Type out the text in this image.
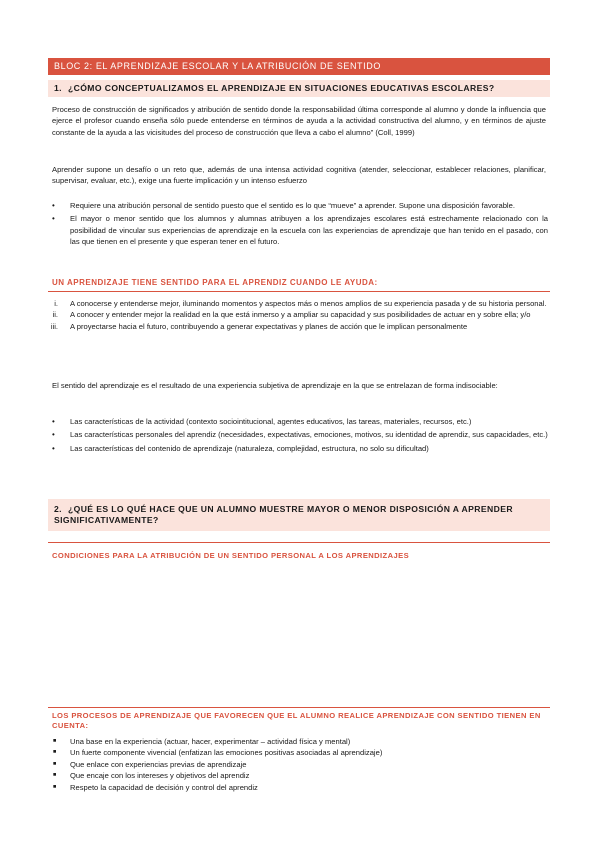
BLOC 2: EL APRENDIZAJE ESCOLAR Y LA ATRIBUCIÓN DE SENTIDO
1. ¿CÓMO CONCEPTUALIZAMOS EL APRENDIZAJE EN SITUACIONES EDUCATIVAS ESCOLARES?

Proceso de construcción de significados y atribución de sentido donde la responsabilidad última corresponde al alumno y donde la influencia que ejerce el profesor cuando enseña sólo puede entenderse en términos de ayuda a la actividad constructiva del alumno, y en términos de ajuste constante de la ayuda a las vicisitudes del proceso de construcción que lleva a cabo el alumno” (Coll, 1999)

Aprender supone un desafío o un reto que, además de una intensa actividad cognitiva (atender, seleccionar, establecer relaciones, planificar, supervisar, evaluar, etc.), exige una fuerte implicación y un intenso esfuerzo

• Requiere una atribución personal de sentido puesto que el sentido es lo que “mueve” a aprender. Supone una disposición favorable.
• El mayor o menor sentido que los alumnos y alumnas atribuyen a los aprendizajes escolares está estrechamente relacionado con la posibilidad de vincular sus experiencias de aprendizaje en la escuela con las experiencias de aprendizaje que han tenido en el pasado, con las que tienen en el presente y que esperan tener en el futuro.
UN APRENDIZAJE TIENE SENTIDO PARA EL APRENDIZ CUANDO LE AYUDA:
i. A conocerse y entenderse mejor, iluminando momentos y aspectos más o menos amplios de su experiencia pasada y de su historia personal.
ii. A conocer y entender mejor la realidad en la que está inmerso y a ampliar su capacidad y sus posibilidades de actuar en y sobre ella; y/o
iii. A proyectarse hacia el futuro, contribuyendo a generar expectativas y planes de acción que le implican personalmente

El sentido del aprendizaje es el resultado de una experiencia subjetiva de aprendizaje en la que se entrelazan de forma indisociable:

• Las características de la actividad (contexto sociointitucional, agentes educativos, las tareas, materiales, recursos, etc.)
• Las características personales del aprendiz (necesidades, expectativas, emociones, motivos, su identidad de aprendiz, sus capacidades, etc.)
• Las características del contenido de aprendizaje (naturaleza, complejidad, estructura, no solo su dificultad)
2. ¿QUÉ ES LO QUÉ HACE QUE UN ALUMNO MUESTRE MAYOR O MENOR DISPOSICIÓN A APRENDER SIGNIFICATIVAMENTE?
CONDICIONES PARA LA ATRIBUCIÓN DE UN SENTIDO PERSONAL A LOS APRENDIZAJES
LOS PROCESOS DE APRENDIZAJE QUE FAVORECEN QUE EL ALUMNO REALICE APRENDIZAJE CON SENTIDO TIENEN EN CUENTA:
■ Una base en la experiencia (actuar, hacer, experimentar – actividad física y mental)
■ Un fuerte componente vivencial (enfatizan las emociones positivas asociadas al aprendizaje)
■ Que enlace con experiencias previas de aprendizaje
■ Que encaje con los intereses y objetivos del aprendiz
■ Respeto la capacidad de decisión y control del aprendiz
